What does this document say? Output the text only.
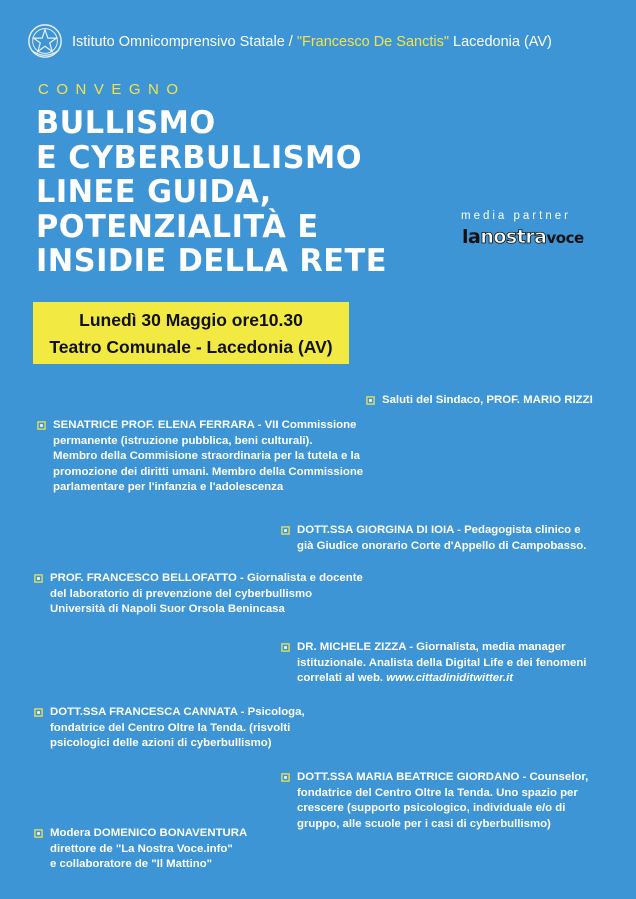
Istituto Omnicomprensivo Statale / "Francesco De Sanctis" Lacedonia (AV)
CONVEGNO
BULLISMO
E CYBERBULLISMO
LINEE GUIDA,
POTENZIALITÀ E
INSIDIE DELLA RETE
media partner
lanostravoce
Lunedì 30 Maggio ore10.30
Teatro Comunale - Lacedonia (AV)
Saluti del Sindaco, PROF. MARIO RIZZI
SENATRICE PROF. ELENA FERRARA - VII Commissione
permanente (istruzione pubblica, beni culturali).
Membro della Commisione straordinaria per la tutela e la
promozione dei diritti umani. Membro della Commissione
parlamentare per l'infanzia e l'adolescenza
DOTT.SSA GIORGINA DI IOIA - Pedagogista clinico e
già Giudice onorario Corte d'Appello di Campobasso.
PROF. FRANCESCO BELLOFATTO - Giornalista e docente
del laboratorio di prevenzione del cyberbullismo
Università di Napoli Suor Orsola Benincasa
DR. MICHELE ZIZZA - Giornalista, media manager
istituzionale. Analista della Digital Life e dei fenomeni
correlati al web. www.cittadiniditwitter.it
DOTT.SSA FRANCESCA CANNATA - Psicologa,
fondatrice del Centro Oltre la Tenda. (risvolti
psicologici delle azioni di cyberbullismo)
DOTT.SSA MARIA BEATRICE GIORDANO - Counselor,
fondatrice del Centro Oltre la Tenda. Uno spazio per
crescere (supporto psicologico, individuale e/o di
gruppo, alle scuole per i casi di cyberbullismo)
Modera DOMENICO BONAVENTURA
direttore de "La Nostra Voce.info"
e collaboratore de "Il Mattino"
